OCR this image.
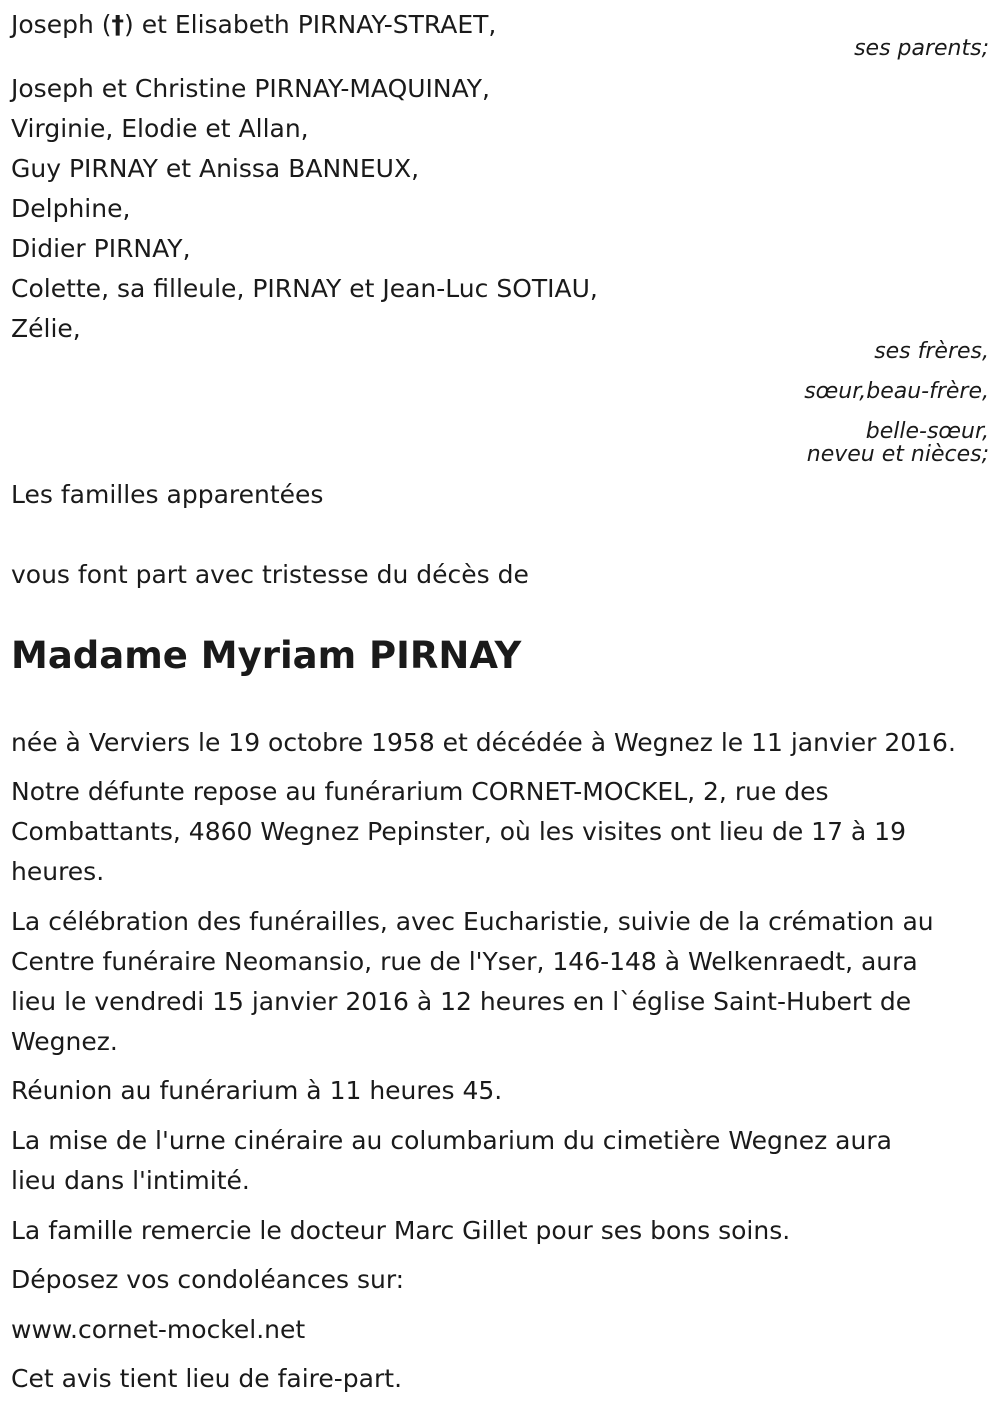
Joseph (†) et Elisabeth PIRNAY-STRAET,
ses parents;
Joseph et Christine PIRNAY-MAQUINAY,
Virginie, Elodie et Allan,
Guy PIRNAY et Anissa BANNEUX,
Delphine,
Didier PIRNAY,
Colette, sa filleule, PIRNAY et Jean-Luc SOTIAU,
Zélie,
ses frères,
sœur,beau-frère,
belle-sœur,
neveu et nièces;
Les familles apparentées
vous font part avec tristesse du décès de
Madame Myriam PIRNAY
née à Verviers le 19 octobre 1958 et décédée à Wegnez le 11 janvier 2016.
Notre défunte repose au funérarium CORNET-MOCKEL, 2, rue des
Combattants, 4860 Wegnez Pepinster, où les visites ont lieu de 17 à 19
heures.
La célébration des funérailles, avec Eucharistie, suivie de la crémation au
Centre funéraire Neomansio, rue de l'Yser, 146-148 à Welkenraedt, aura
lieu le vendredi 15 janvier 2016 à 12 heures en l`église Saint-Hubert de
Wegnez.
Réunion au funérarium à 11 heures 45.
La mise de l'urne cinéraire au columbarium du cimetière Wegnez aura
lieu dans l'intimité.
La famille remercie le docteur Marc Gillet pour ses bons soins.
Déposez vos condoléances sur:
www.cornet-mockel.net
Cet avis tient lieu de faire-part.
